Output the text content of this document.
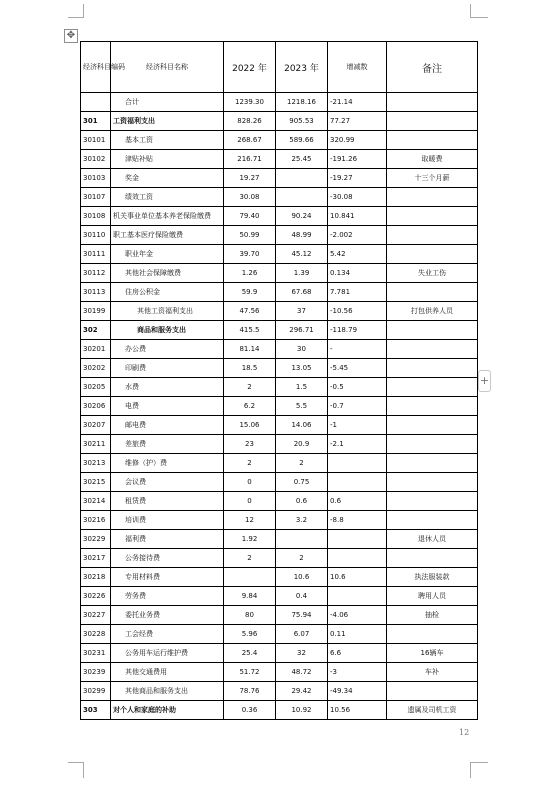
✥
+
经济科目编码	经济科目名称	2022 年	2023 年	增减数	备注
	合计	1239.30	1218.16	-21.14	
301	工资福利支出	828.26	905.53	77.27	
30101	基本工资	268.67	589.66	320.99	
30102	津贴补贴	216.71	25.45	-191.26	取暖费
30103	奖金	19.27		-19.27	十三个月薪
30107	绩效工资	30.08		-30.08	
30108	机关事业单位基本养老保险缴费	79.40	90.24	10.841	
30110	职工基本医疗保险缴费	50.99	48.99	-2.002	
30111	职业年金	39.70	45.12	5.42	
30112	其他社会保障缴费	1.26	1.39	0.134	失业工伤
30113	住房公积金	59.9	67.68	7.781	
30199	其他工资福利支出	47.56	37	-10.56	打包供养人员
302	商品和服务支出	415.5	296.71	-118.79	
30201	办公费	81.14	30	-	
30202	印刷费	18.5	13.05	-5.45	
30205	水费	2	1.5	-0.5	
30206	电费	6.2	5.5	-0.7	
30207	邮电费	15.06	14.06	-1	
30211	差旅费	23	20.9	-2.1	
30213	维修（护）费	2	2		
30215	会议费	0	0.75		
30214	租赁费	0	0.6	0.6	
30216	培训费	12	3.2	-8.8	
30229	福利费	1.92			退休人员
30217	公务接待费	2	2		
30218	专用材料费		10.6	10.6	执法服装款
30226	劳务费	9.84	0.4		聘用人员
30227	委托业务费	80	75.94	-4.06	抽检
30228	工会经费	5.96	6.07	0.11	
30231	公务用车运行维护费	25.4	32	6.6	16辆车
30239	其他交通费用	51.72	48.72	-3	车补
30299	其他商品和服务支出	78.76	29.42	-49.34	
303	对个人和家庭的补助	0.36	10.92	10.56	遗属及司机工资
12
